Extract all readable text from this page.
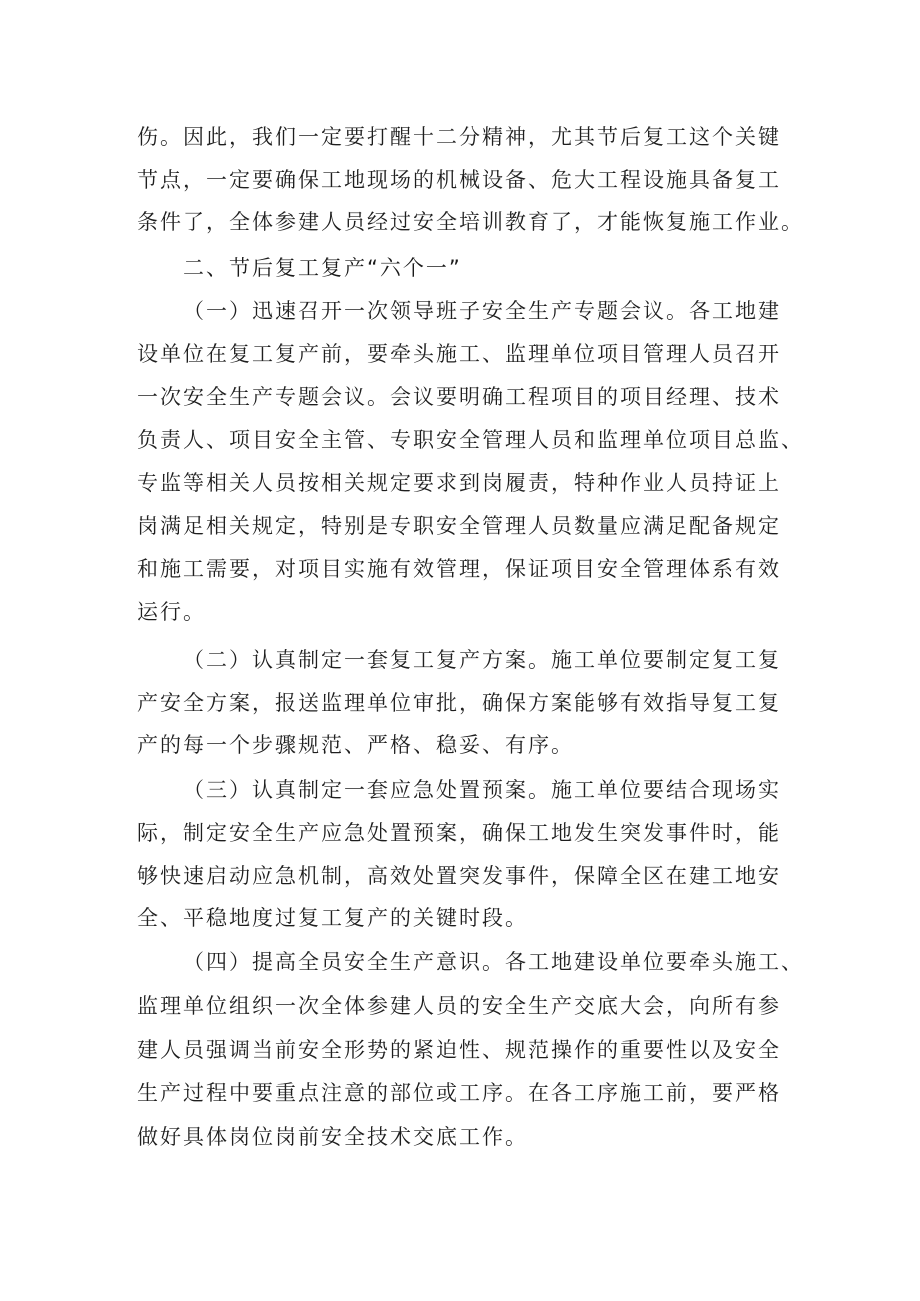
伤。因此，我们一定要打醒十二分精神，尤其节后复工这个关键
节点，一定要确保工地现场的机械设备、危大工程设施具备复工
条件了，全体参建人员经过安全培训教育了，才能恢复施工作业。
二、节后复工复产“六个一”
（一）迅速召开一次领导班子安全生产专题会议。各工地建
设单位在复工复产前，要牵头施工、监理单位项目管理人员召开
一次安全生产专题会议。会议要明确工程项目的项目经理、技术
负责人、项目安全主管、专职安全管理人员和监理单位项目总监、
专监等相关人员按相关规定要求到岗履责，特种作业人员持证上
岗满足相关规定，特别是专职安全管理人员数量应满足配备规定
和施工需要，对项目实施有效管理，保证项目安全管理体系有效
运行。
（二）认真制定一套复工复产方案。施工单位要制定复工复
产安全方案，报送监理单位审批，确保方案能够有效指导复工复
产的每一个步骤规范、严格、稳妥、有序。
（三）认真制定一套应急处置预案。施工单位要结合现场实
际，制定安全生产应急处置预案，确保工地发生突发事件时，能
够快速启动应急机制，高效处置突发事件，保障全区在建工地安
全、平稳地度过复工复产的关键时段。
（四）提高全员安全生产意识。各工地建设单位要牵头施工、
监理单位组织一次全体参建人员的安全生产交底大会，向所有参
建人员强调当前安全形势的紧迫性、规范操作的重要性以及安全
生产过程中要重点注意的部位或工序。在各工序施工前，要严格
做好具体岗位岗前安全技术交底工作。
